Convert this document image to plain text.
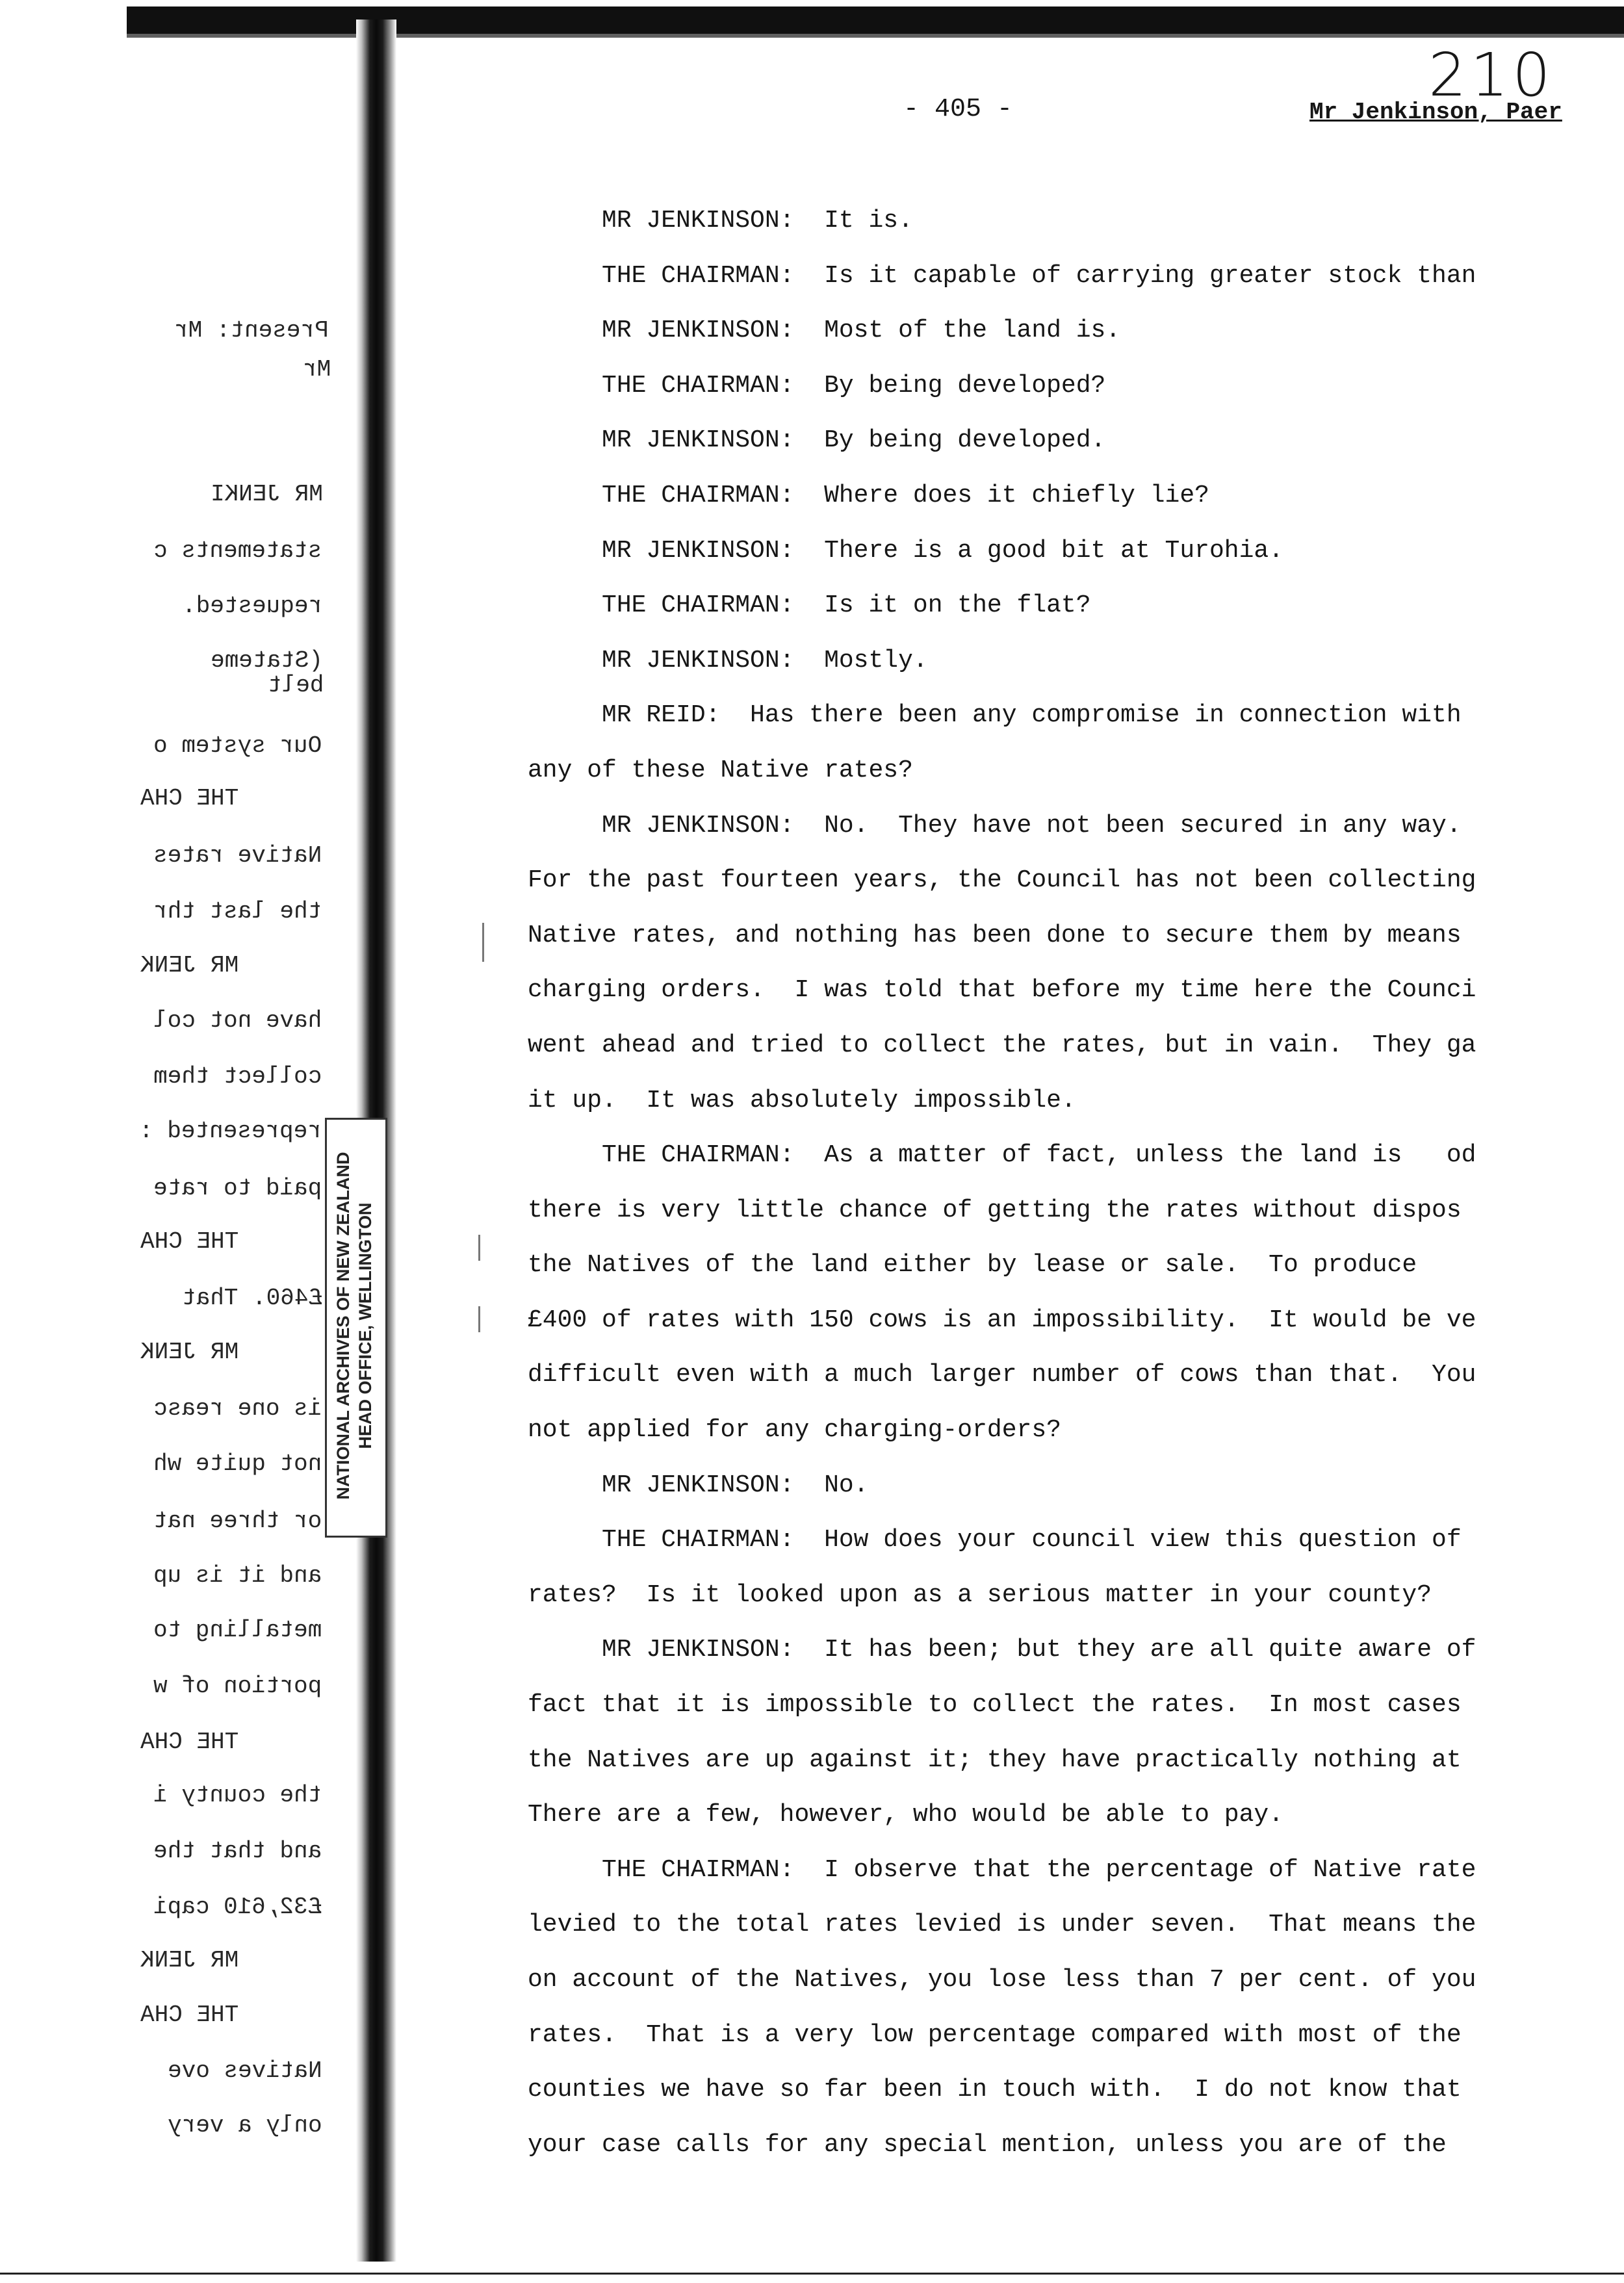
Present: Mr
Mr
MR JENKI
statements c
requested.
(Stateme
belt
Our system o
THE CHA
Native rates
the last thr
MR JENK
have not col
collect them
represented :
paid to rate
THE CHA
£460. That
MR JENK
is one reasc
not quite wh
or three nat
and it is up
metalling to
portion of w
THE CHA
the county i
and that the
£32,610 capi
MR JENK
THE CHA
Natives ove
only a very
NATIONAL ARCHIVES OF NEW ZEALAND HEAD OFFICE, WELLINGTON
- 405 -	210
Mr Jenkinson, Paer
MR JENKINSON:  It is.
THE CHAIRMAN:  Is it capable of carrying greater stock than
MR JENKINSON:  Most of the land is.
THE CHAIRMAN:  By being developed?
MR JENKINSON:  By being developed.
THE CHAIRMAN:  Where does it chiefly lie?
MR JENKINSON:  There is a good bit at Turohia.
THE CHAIRMAN:  Is it on the flat?
MR JENKINSON:  Mostly.
MR REID:  Has there been any compromise in connection with
any of these Native rates?
MR JENKINSON:  No.  They have not been secured in any way.
For the past fourteen years, the Council has not been collecting
Native rates, and nothing has been done to secure them by means
charging orders.  I was told that before my time here the Counci
went ahead and tried to collect the rates, but in vain.  They ga
it up.  It was absolutely impossible.
THE CHAIRMAN:  As a matter of fact, unless the land is   od
there is very little chance of getting the rates without dispos
the Natives of the land either by lease or sale.  To produce
£400 of rates with 150 cows is an impossibility.  It would be ve
difficult even with a much larger number of cows than that.  You
not applied for any charging-orders?
MR JENKINSON:  No.
THE CHAIRMAN:  How does your council view this question of
rates?  Is it looked upon as a serious matter in your county?
MR JENKINSON:  It has been; but they are all quite aware of
fact that it is impossible to collect the rates.  In most cases
the Natives are up against it; they have practically nothing at
There are a few, however, who would be able to pay.
THE CHAIRMAN:  I observe that the percentage of Native rate
levied to the total rates levied is under seven.  That means the
on account of the Natives, you lose less than 7 per cent. of you
rates.  That is a very low percentage compared with most of the
counties we have so far been in touch with.  I do not know that
your case calls for any special mention, unless you are of the
